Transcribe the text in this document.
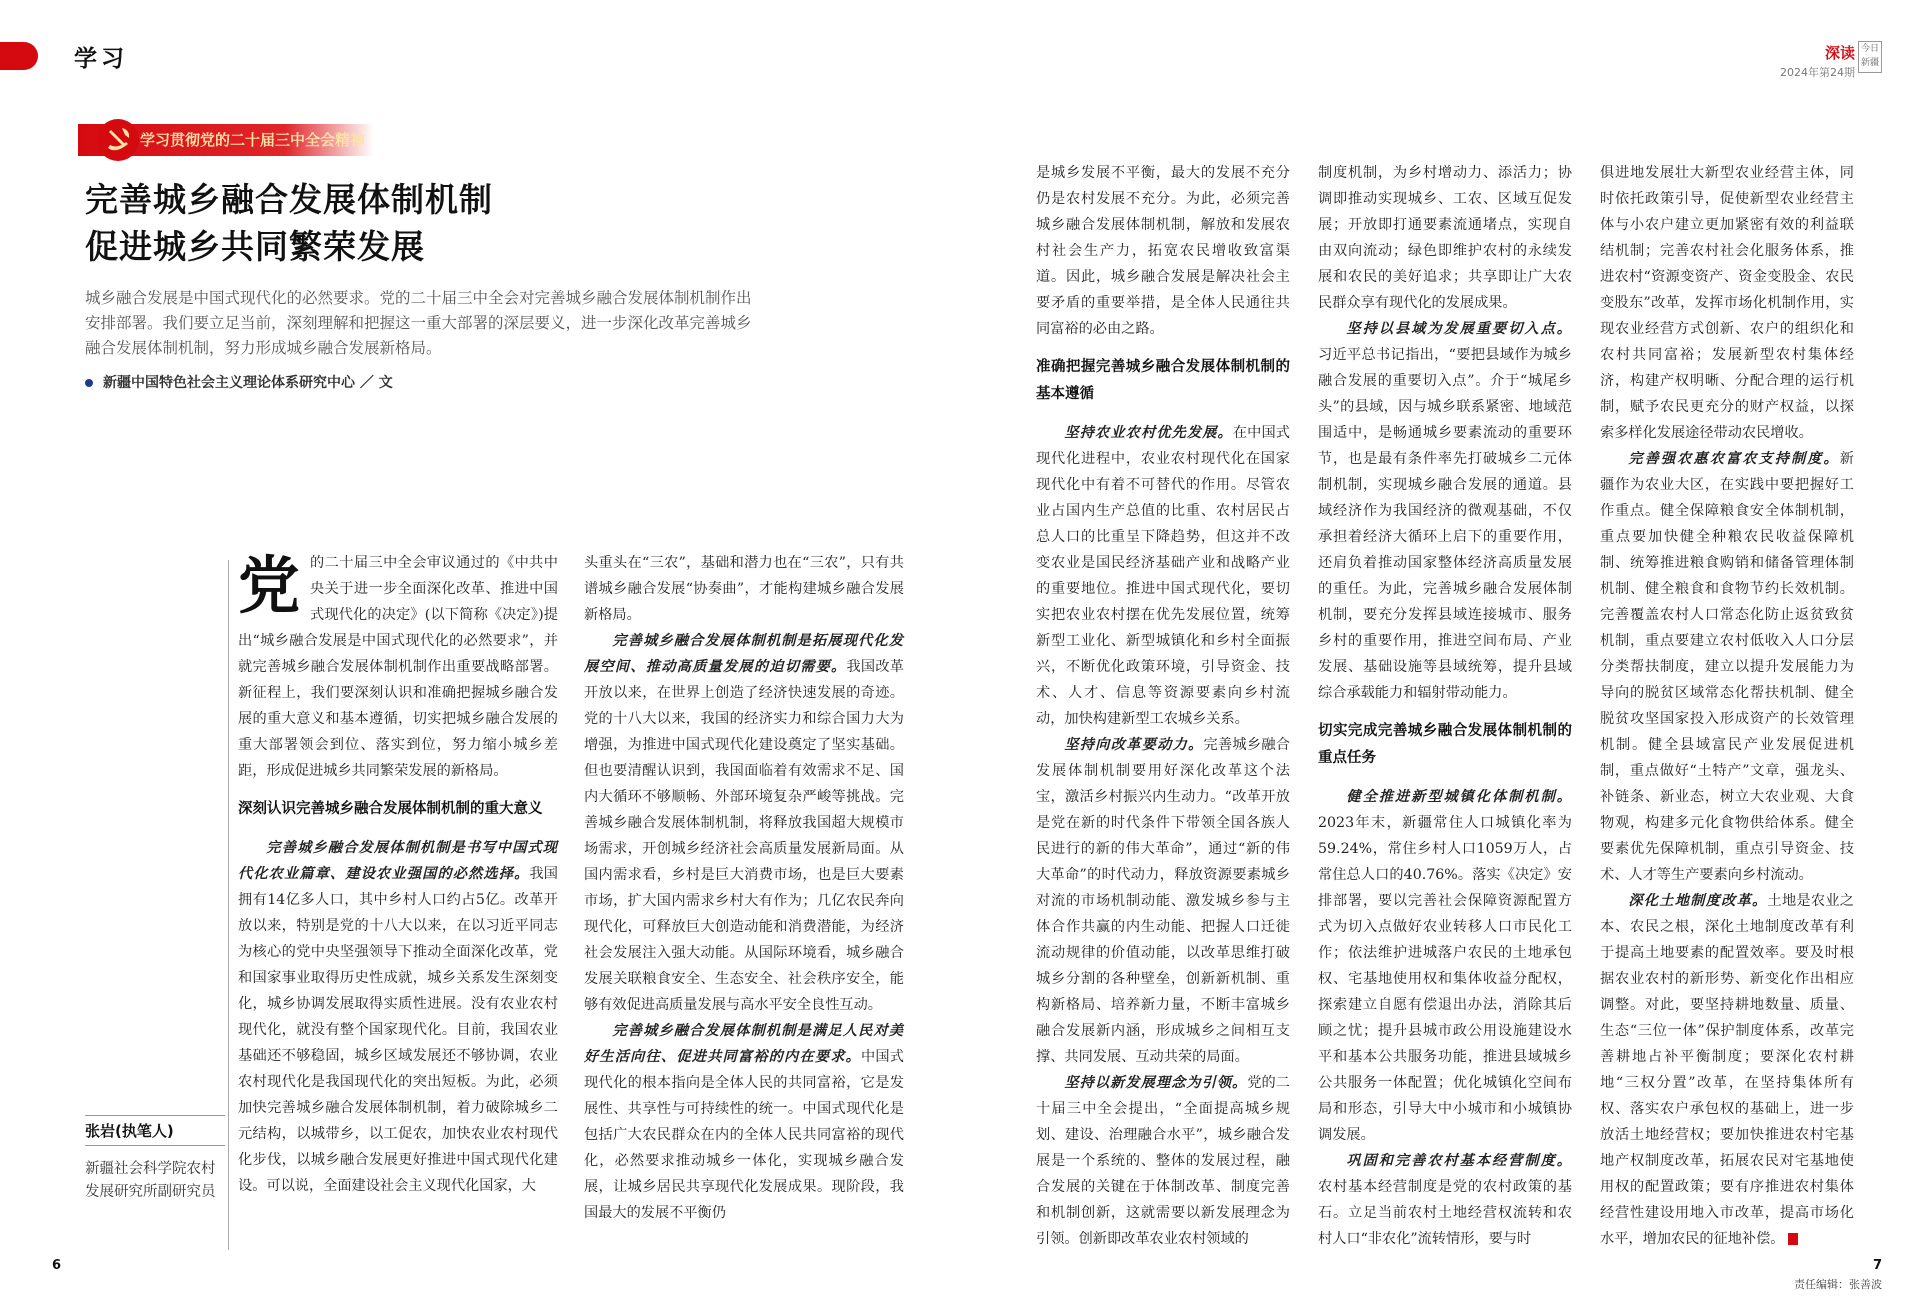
学习	深读
2024年第24期
今日新疆
学习贯彻党的二十届三中全会精神
完善城乡融合发展体制机制
促进城乡共同繁荣发展
城乡融合发展是中国式现代化的必然要求。党的二十届三中全会对完善城乡融合发展体制机制作出安排部署。我们要立足当前，深刻理解和把握这一重大部署的深层要义，进一步深化改革完善城乡融合发展体制机制，努力形成城乡融合发展新格局。
新疆中国特色社会主义理论体系研究中心 ／ 文
张岩(执笔人)
新疆社会科学院农村发展研究所副研究员
党 的二十届三中全会审议通过的《中共中央关于进一步全面深化改革、推进中国式现代化的决定》(以下简称《决定》)提出“城乡融合发展是中国式现代化的必然要求”，并就完善城乡融合发展体制机制作出重要战略部署。新征程上，我们要深刻认识和准确把握城乡融合发展的重大意义和基本遵循，切实把城乡融合发展的重大部署领会到位、落实到位，努力缩小城乡差距，形成促进城乡共同繁荣发展的新格局。

深刻认识完善城乡融合发展体制机制的重大意义

完善城乡融合发展体制机制是书写中国式现代化农业篇章、建设农业强国的必然选择。我国拥有14亿多人口，其中乡村人口约占5亿。改革开放以来，特别是党的十八大以来，在以习近平同志为核心的党中央坚强领导下推动全面深化改革，党和国家事业取得历史性成就，城乡关系发生深刻变化，城乡协调发展取得实质性进展。没有农业农村现代化，就没有整个国家现代化。目前，我国农业基础还不够稳固，城乡区域发展还不够协调，农业农村现代化是我国现代化的突出短板。为此，必须加快完善城乡融合发展体制机制，着力破除城乡二元结构，以城带乡，以工促农，加快农业农村现代化步伐，以城乡融合发展更好推进中国式现代化建设。可以说，全面建设社会主义现代化国家，大

头重头在“三农”，基础和潜力也在“三农”，只有共谱城乡融合发展“协奏曲”，才能构建城乡融合发展新格局。

完善城乡融合发展体制机制是拓展现代化发展空间、推动高质量发展的迫切需要。我国改革开放以来，在世界上创造了经济快速发展的奇迹。党的十八大以来，我国的经济实力和综合国力大为增强，为推进中国式现代化建设奠定了坚实基础。但也要清醒认识到，我国面临着有效需求不足、国内大循环不够顺畅、外部环境复杂严峻等挑战。完善城乡融合发展体制机制，将释放我国超大规模市场需求，开创城乡经济社会高质量发展新局面。从国内需求看，乡村是巨大消费市场，也是巨大要素市场，扩大国内需求乡村大有作为；几亿农民奔向现代化，可释放巨大创造动能和消费潜能，为经济社会发展注入强大动能。从国际环境看，城乡融合发展关联粮食安全、生态安全、社会秩序安全，能够有效促进高质量发展与高水平安全良性互动。

完善城乡融合发展体制机制是满足人民对美好生活向往、促进共同富裕的内在要求。中国式现代化的根本指向是全体人民的共同富裕，它是发展性、共享性与可持续性的统一。中国式现代化是包括广大农民群众在内的全体人民共同富裕的现代化，必然要求推动城乡一体化，实现城乡融合发展，让城乡居民共享现代化发展成果。现阶段，我国最大的发展不平衡仍

是城乡发展不平衡，最大的发展不充分仍是农村发展不充分。为此，必须完善城乡融合发展体制机制，解放和发展农村社会生产力，拓宽农民增收致富渠道。因此，城乡融合发展是解决社会主要矛盾的重要举措，是全体人民通往共同富裕的必由之路。

准确把握完善城乡融合发展体制机制的基本遵循

坚持农业农村优先发展。在中国式现代化进程中，农业农村现代化在国家现代化中有着不可替代的作用。尽管农业占国内生产总值的比重、农村居民占总人口的比重呈下降趋势，但这并不改变农业是国民经济基础产业和战略产业的重要地位。推进中国式现代化，要切实把农业农村摆在优先发展位置，统筹新型工业化、新型城镇化和乡村全面振兴，不断优化政策环境，引导资金、技术、人才、信息等资源要素向乡村流动，加快构建新型工农城乡关系。

坚持向改革要动力。完善城乡融合发展体制机制要用好深化改革这个法宝，激活乡村振兴内生动力。“改革开放是党在新的时代条件下带领全国各族人民进行的新的伟大革命”，通过“新的伟大革命”的时代动力，释放资源要素城乡对流的市场机制动能、激发城乡参与主体合作共赢的内生动能、把握人口迁徙流动规律的价值动能，以改革思维打破城乡分割的各种壁垒，创新新机制、重构新格局、培养新力量，不断丰富城乡融合发展新内涵，形成城乡之间相互支撑、共同发展、互动共荣的局面。

坚持以新发展理念为引领。党的二十届三中全会提出，“全面提高城乡规划、建设、治理融合水平”，城乡融合发展是一个系统的、整体的发展过程，融合发展的关键在于体制改革、制度完善和机制创新，这就需要以新发展理念为引领。创新即改革农业农村领域的

制度机制，为乡村增动力、添活力；协调即推动实现城乡、工农、区域互促发展；开放即打通要素流通堵点，实现自由双向流动；绿色即维护农村的永续发展和农民的美好追求；共享即让广大农民群众享有现代化的发展成果。

坚持以县域为发展重要切入点。习近平总书记指出，“要把县域作为城乡融合发展的重要切入点”。介于“城尾乡头”的县域，因与城乡联系紧密、地域范围适中，是畅通城乡要素流动的重要环节，也是最有条件率先打破城乡二元体制机制，实现城乡融合发展的通道。县域经济作为我国经济的微观基础，不仅承担着经济大循环上启下的重要作用，还肩负着推动国家整体经济高质量发展的重任。为此，完善城乡融合发展体制机制，要充分发挥县域连接城市、服务乡村的重要作用，推进空间布局、产业发展、基础设施等县域统筹，提升县域综合承载能力和辐射带动能力。

切实完成完善城乡融合发展体制机制的重点任务

健全推进新型城镇化体制机制。2023年末，新疆常住人口城镇化率为59.24%，常住乡村人口1059万人，占常住总人口的40.76%。落实《决定》安排部署，要以完善社会保障资源配置方式为切入点做好农业转移人口市民化工作；依法维护进城落户农民的土地承包权、宅基地使用权和集体收益分配权，探索建立自愿有偿退出办法，消除其后顾之忧；提升县城市政公用设施建设水平和基本公共服务功能，推进县域城乡公共服务一体配置；优化城镇化空间布局和形态，引导大中小城市和小城镇协调发展。

巩固和完善农村基本经营制度。农村基本经营制度是党的农村政策的基石。立足当前农村土地经营权流转和农村人口“非农化”流转情形，要与时

俱进地发展壮大新型农业经营主体，同时依托政策引导，促使新型农业经营主体与小农户建立更加紧密有效的利益联结机制；完善农村社会化服务体系，推进农村“资源变资产、资金变股金、农民变股东”改革，发挥市场化机制作用，实现农业经营方式创新、农户的组织化和农村共同富裕；发展新型农村集体经济，构建产权明晰、分配合理的运行机制，赋予农民更充分的财产权益，以探索多样化发展途径带动农民增收。

完善强农惠农富农支持制度。新疆作为农业大区，在实践中要把握好工作重点。健全保障粮食安全体制机制，重点要加快健全种粮农民收益保障机制、统筹推进粮食购销和储备管理体制机制、健全粮食和食物节约长效机制。完善覆盖农村人口常态化防止返贫致贫机制，重点要建立农村低收入人口分层分类帮扶制度，建立以提升发展能力为导向的脱贫区域常态化帮扶机制、健全脱贫攻坚国家投入形成资产的长效管理机制。健全县域富民产业发展促进机制，重点做好“土特产”文章，强龙头、补链条、新业态，树立大农业观、大食物观，构建多元化食物供给体系。健全要素优先保障机制，重点引导资金、技术、人才等生产要素向乡村流动。

深化土地制度改革。土地是农业之本、农民之根，深化土地制度改革有利于提高土地要素的配置效率。要及时根据农业农村的新形势、新变化作出相应调整。对此，要坚持耕地数量、质量、生态“三位一体”保护制度体系，改革完善耕地占补平衡制度；要深化农村耕地“三权分置”改革，在坚持集体所有权、落实农户承包权的基础上，进一步放活土地经营权；要加快推进农村宅基地产权制度改革，拓展农民对宅基地使用权的配置政策；要有序推进农村集体经营性建设用地入市改革，提高市场化水平，增加农民的征地补偿。

6	7
责任编辑：张善波
